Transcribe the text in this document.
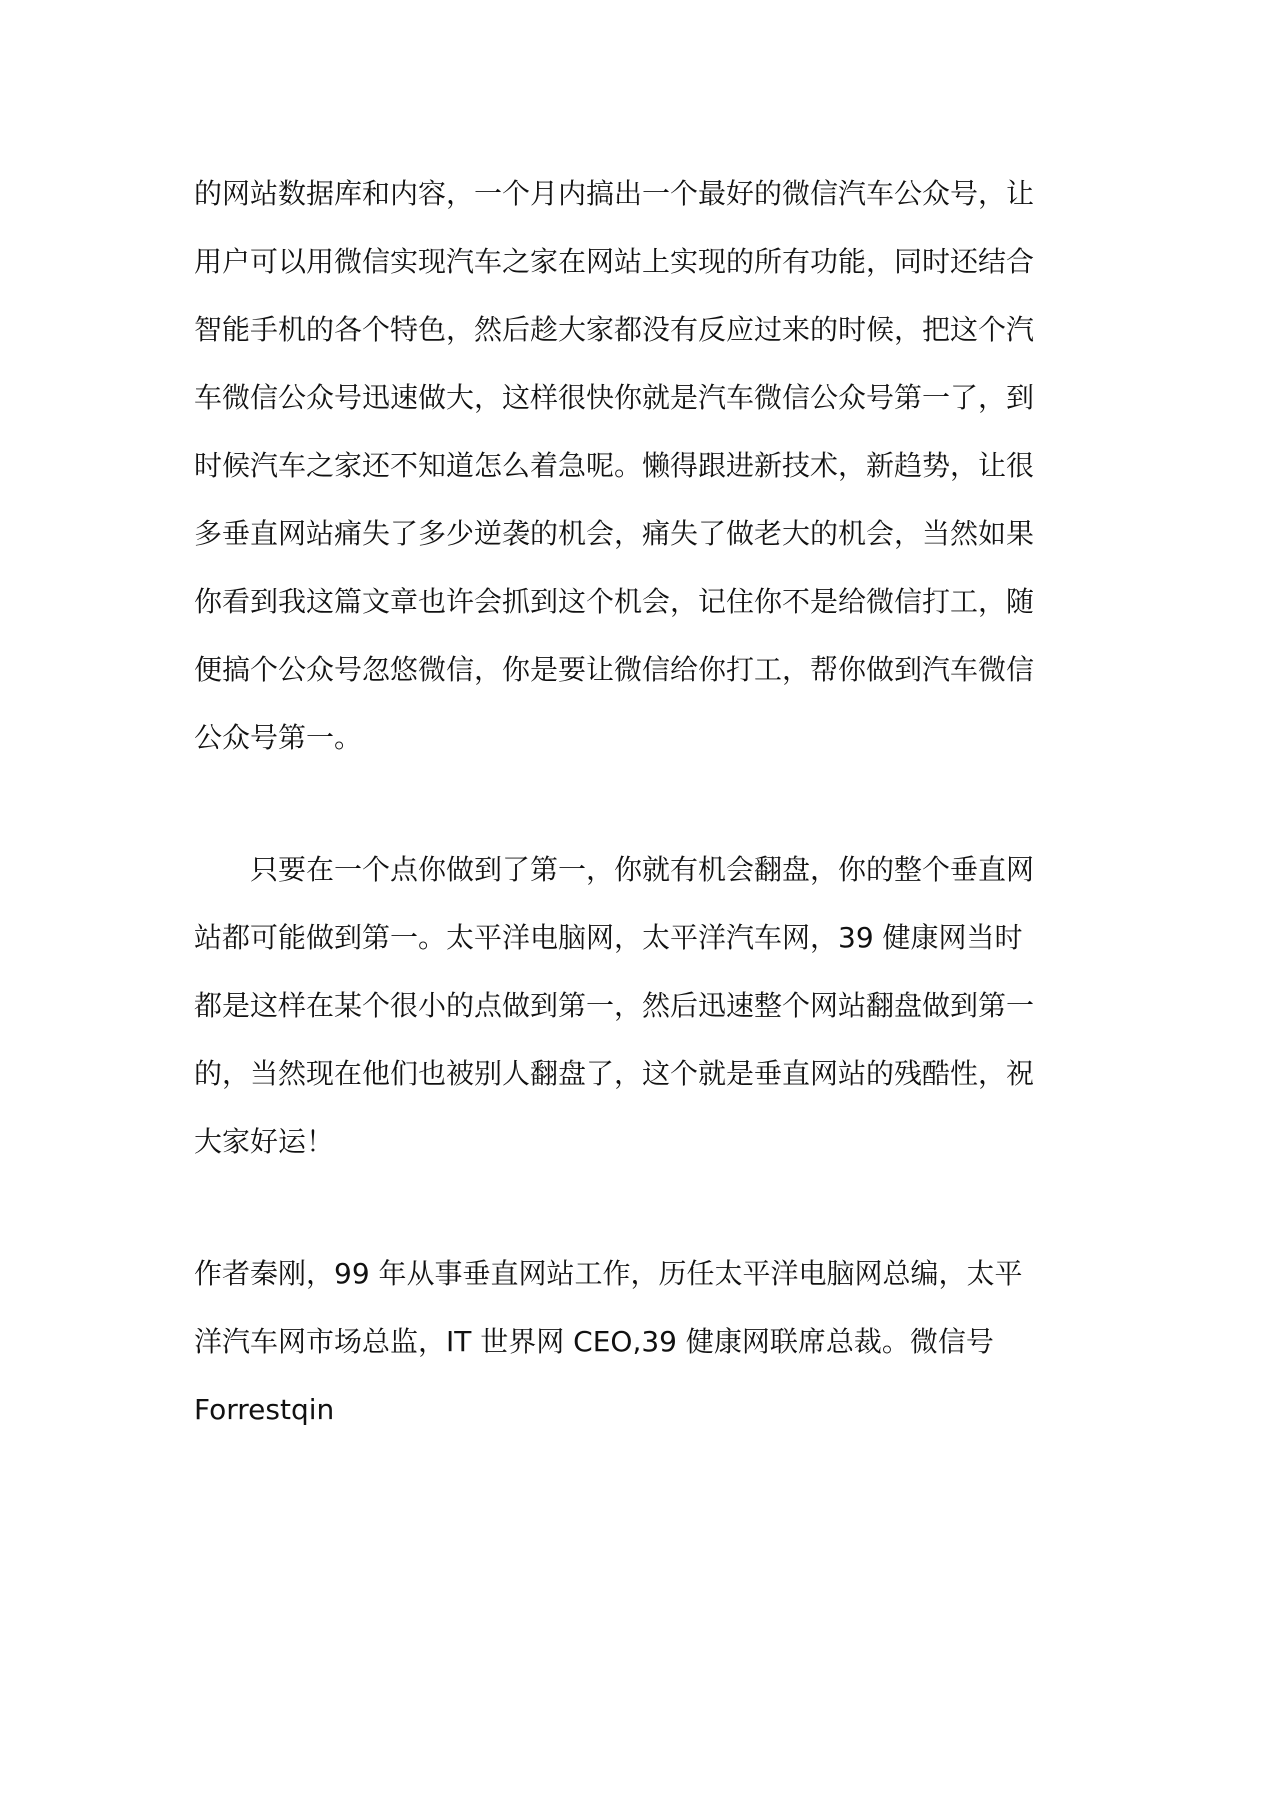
的网站数据库和内容，一个月内搞出一个最好的微信汽车公众号，让
用户可以用微信实现汽车之家在网站上实现的所有功能，同时还结合
智能手机的各个特色，然后趁大家都没有反应过来的时候，把这个汽
车微信公众号迅速做大，这样很快你就是汽车微信公众号第一了，到
时候汽车之家还不知道怎么着急呢。懒得跟进新技术，新趋势，让很
多垂直网站痛失了多少逆袭的机会，痛失了做老大的机会，当然如果
你看到我这篇文章也许会抓到这个机会，记住你不是给微信打工，随
便搞个公众号忽悠微信，你是要让微信给你打工，帮你做到汽车微信
公众号第一。
只要在一个点你做到了第一，你就有机会翻盘，你的整个垂直网
站都可能做到第一。太平洋电脑网，太平洋汽车网，39 健康网当时
都是这样在某个很小的点做到第一，然后迅速整个网站翻盘做到第一
的，当然现在他们也被别人翻盘了，这个就是垂直网站的残酷性，祝
大家好运！
作者秦刚，99 年从事垂直网站工作，历任太平洋电脑网总编，太平
洋汽车网市场总监，IT 世界网 CEO,39 健康网联席总裁。微信号
Forrestqin
